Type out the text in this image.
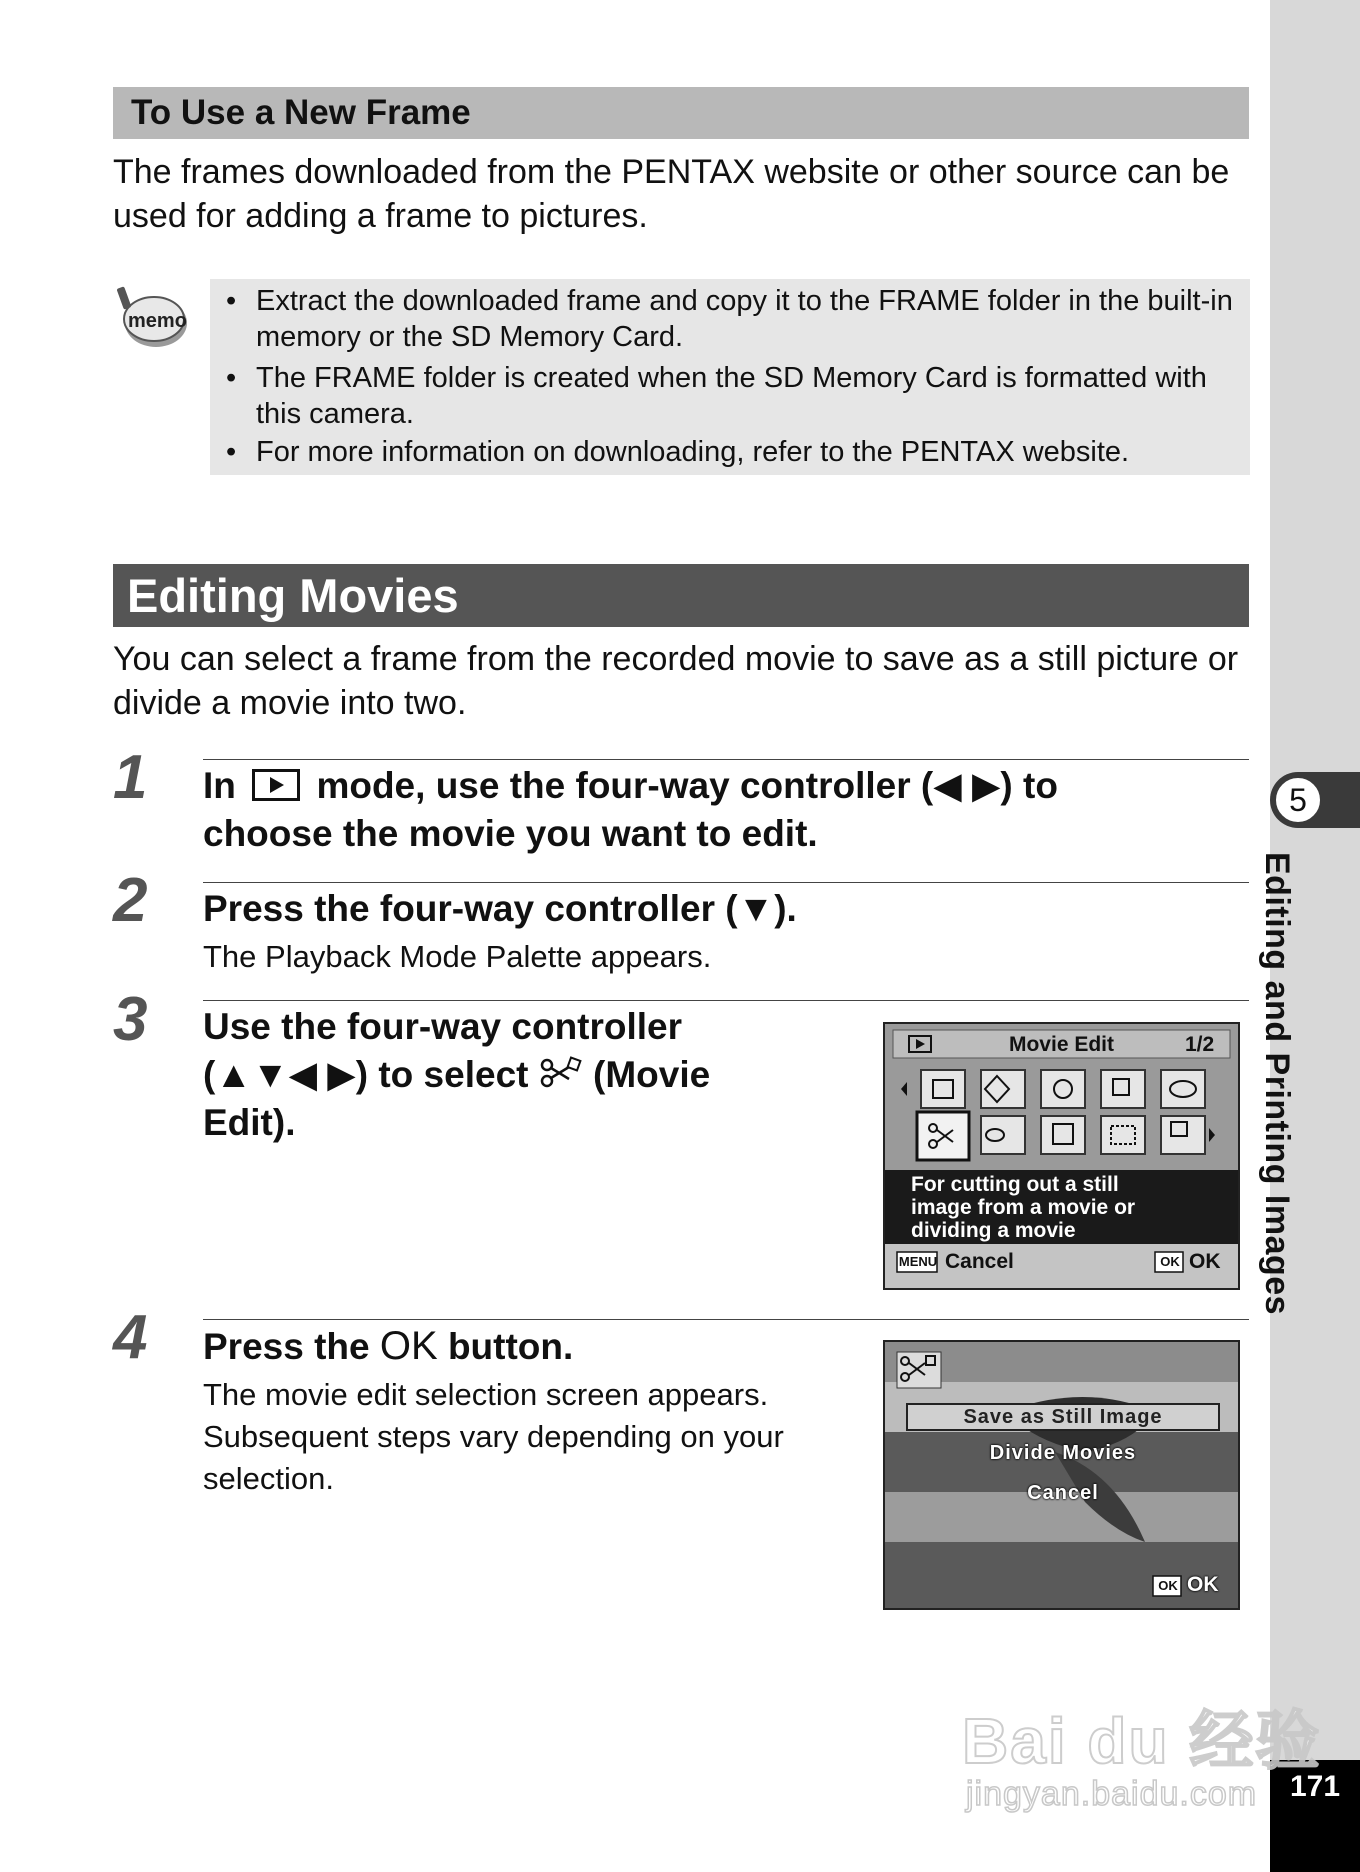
5
Editing and Printing Images
171
To Use a New Frame
The frames downloaded from the PENTAX website or other source can be used for adding a frame to pictures.
memo
• Extract the downloaded frame and copy it to the FRAME folder in the built-in memory or the SD Memory Card.
• The FRAME folder is created when the SD Memory Card is formatted with this camera.
• For more information on downloading, refer to the PENTAX website.
Editing Movies
You can select a frame from the recorded movie to save as a still picture or divide a movie into two.
1 In mode, use the four-way controller (◀ ▶) to
choose the movie you want to edit.
2 Press the four-way controller (▼).
The Playback Mode Palette appears.
3 Use the four-way controller
(▲▼◀ ▶) to select (Movie
Edit).
Movie Edit	1/2
For cutting out a still
image from a movie or
dividing a movie
MENU Cancel	OK OK
4 Press the OK button.
The movie edit selection screen appears. Subsequent steps vary depending on your selection.
Save as Still Image
Divide Movies
Cancel
OK OK
Bai du 经验
jingyan.baidu.com
